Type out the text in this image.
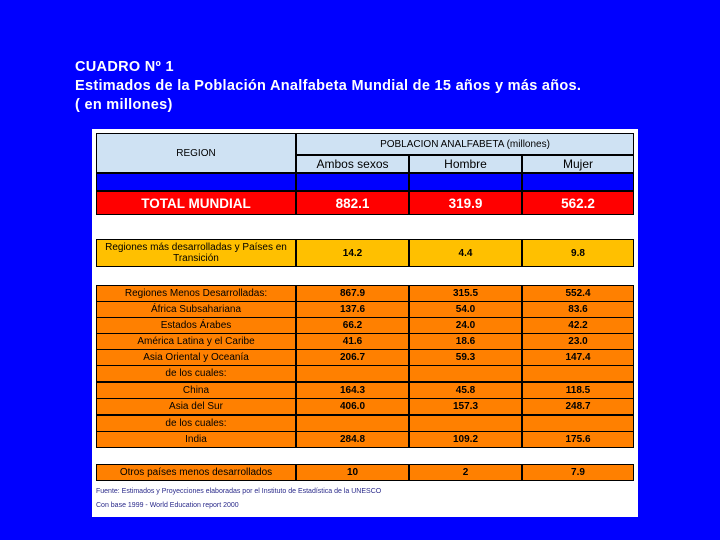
CUADRO Nº 1
Estimados de la Población Analfabeta Mundial de 15 años y más años.
( en millones)
REGION
POBLACION ANALFABETA (millones)
Ambos sexos	Hombre	Mujer
TOTAL MUNDIAL	882.1	319.9	562.2
Regiones más desarrolladas y Países en Transición	14.2	4.4	9.8
Regiones Menos Desarrolladas:	867.9	315.5	552.4
África Subsahariana	137.6	54.0	83.6
Estados Árabes	66.2	24.0	42.2
América Latina y el Caribe	41.6	18.6	23.0
Asia Oriental y Oceanía	206.7	59.3	147.4
de los cuales:
China	164.3	45.8	118.5
Asia del Sur	406.0	157.3	248.7
de los cuales:
India	284.8	109.2	175.6
Otros países menos desarrollados	10	2	7.9
Fuente: Estimados y Proyecciones elaboradas por el Instituto de Estadística de la UNESCO
Con base 1999 - World Education report 2000
